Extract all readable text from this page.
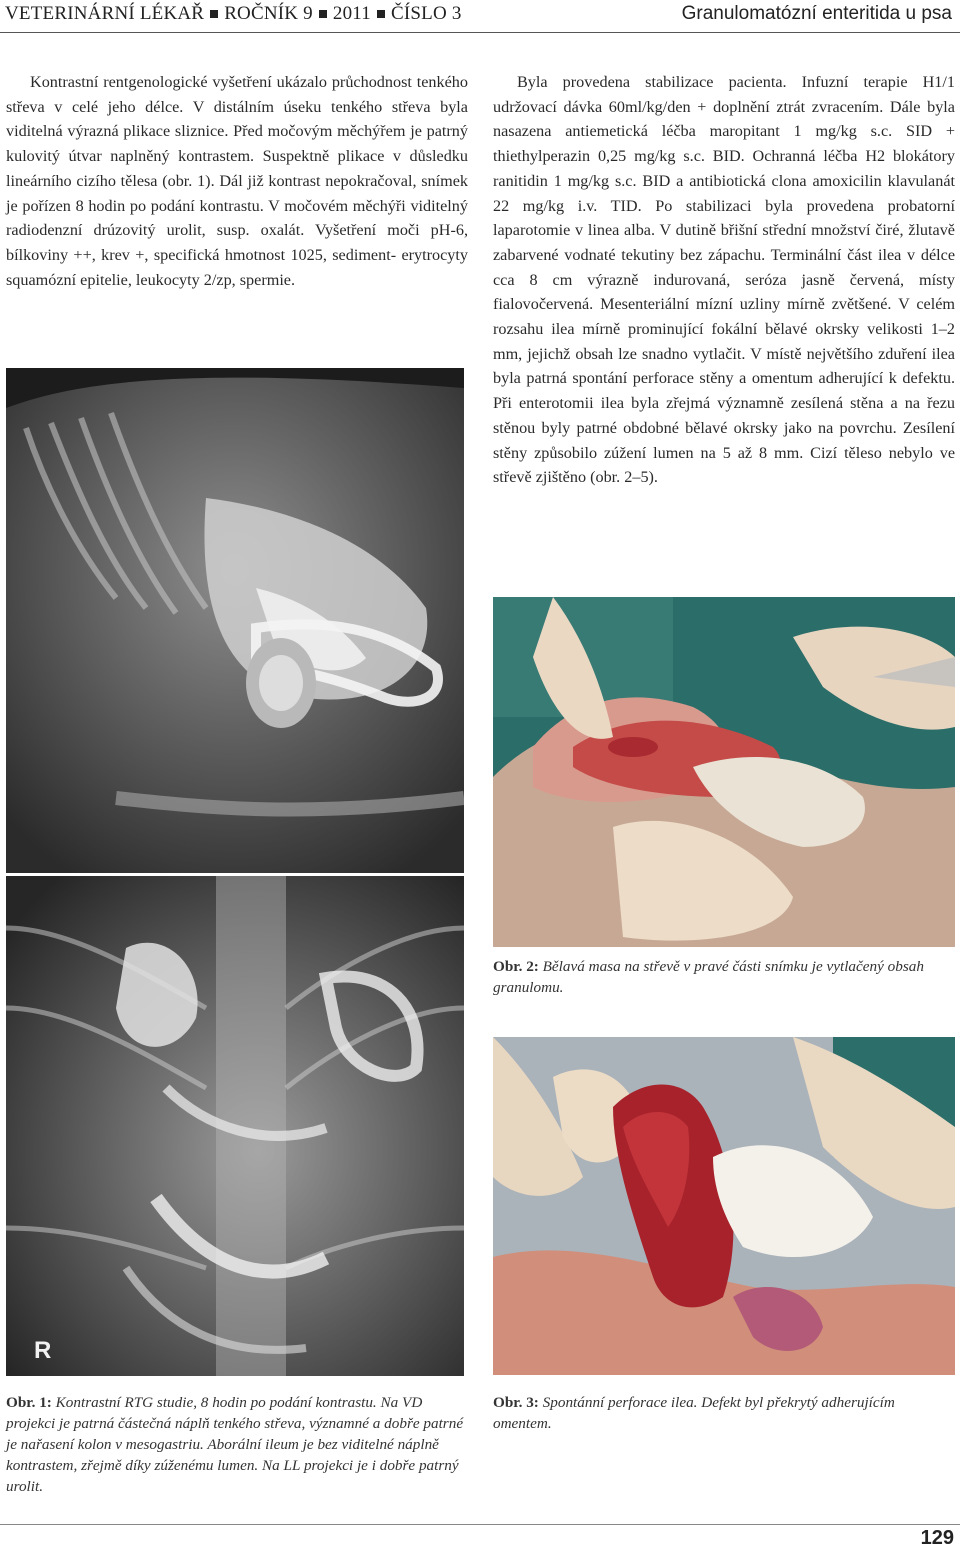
VETERINÁRNÍ LÉKAŘ ROČNÍK 9 2011 ČÍSLO 3	Granulomatózní enteritida u psa

Kontrastní rentgenologické vyšetření ukázalo průchodnost tenkého střeva v celé jeho délce. V distálním úseku tenkého střeva byla viditelná výrazná plikace sliznice. Před močovým měchýřem je patrný kulovitý útvar naplněný kontrastem. Suspektně plikace v důsledku lineárního cizího tělesa (obr. 1). Dál již kontrast nepokračoval, snímek je pořízen 8 hodin po podání kontrastu. V močovém měchýři viditelný radiodenzní drúzovitý urolit, susp. oxalát. Vyšetření moči pH-6, bílkoviny ++, krev +, specifická hmotnost 1025, sediment- erytrocyty squamózní epitelie, leukocyty 2/zp, spermie.

Byla provedena stabilizace pacienta. Infuzní terapie H1/1 udržovací dávka 60ml/kg/den + doplnění ztrát zvracením. Dále byla nasazena antiemetická léčba maropitant 1 mg/kg s.c. SID + thiethylperazin 0,25 mg/kg s.c. BID. Ochranná léčba H2 blokátory ranitidin 1 mg/kg s.c. BID a antibiotická clona amoxicilin klavulanát 22 mg/kg i.v. TID. Po stabilizaci byla provedena probatorní laparotomie v linea alba. V dutině břišní střední množství čiré, žlutavě zabarvené vodnaté tekutiny bez zápachu. Terminální část ilea v délce cca 8 cm výrazně indurovaná, seróza jasně červená, místy fialovočervená. Mesenteriální mízní uzliny mírně zvětšené. V celém rozsahu ilea mírně prominující fokální bělavé okrsky velikosti 1–2 mm, jejichž obsah lze snadno vytlačit. V místě největšího zduření ilea byla patrná spontání perforace stěny a omentum adherující k defektu. Při enterotomii ilea byla zřejmá významně zesílená stěna a na řezu stěnou byly patrné obdobné bělavé okrsky jako na povrchu. Zesílení stěny způsobilo zúžení lumen na 5 až 8 mm. Cizí těleso nebylo ve střevě zjištěno (obr. 2–5).

R
Obr. 2: Bělavá masa na střevě v pravé části snímku je vytlačený obsah granulomu.
Obr. 1: Kontrastní RTG studie, 8 hodin po podání kontrastu. Na VD projekci je patrná částečná náplň tenkého střeva, významné a dobře patrné je nařasení kolon v mesogastriu. Aborální ileum je bez viditelné náplně kontrastem, zřejmě díky zúženému lumen. Na LL projekci je i dobře patrný urolit.
Obr. 3: Spontánní perforace ilea. Defekt byl překrytý adherujícím omentem.
129
